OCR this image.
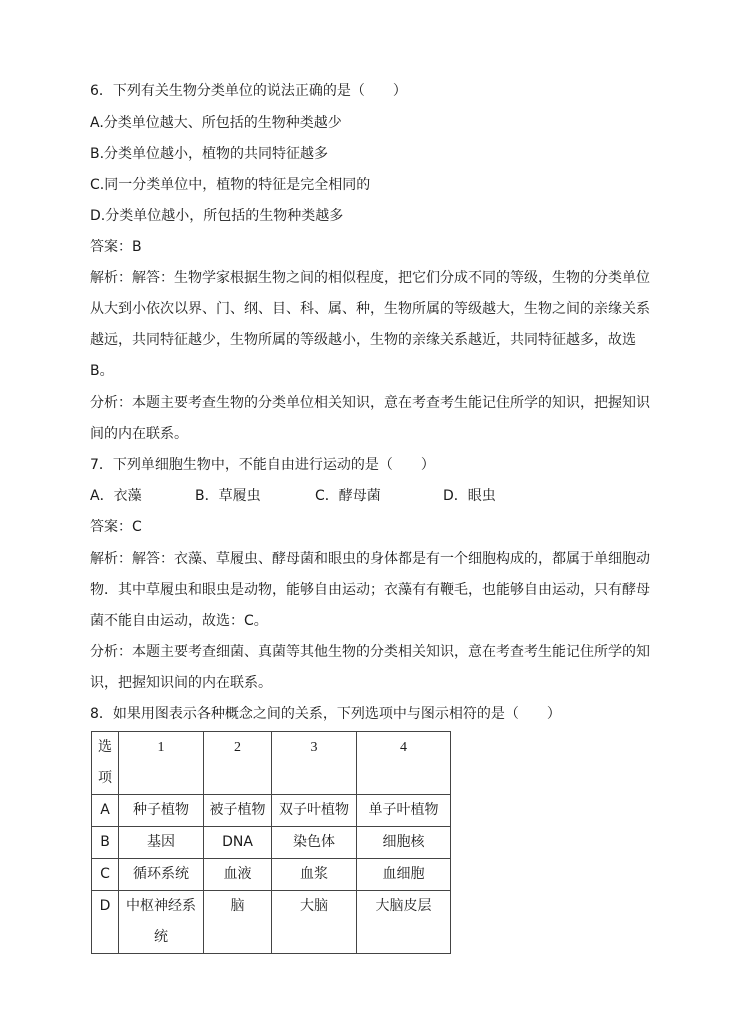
6．下列有关生物分类单位的说法正确的是（　　）
A.分类单位越大、所包括的生物种类越少
B.分类单位越小，植物的共同特征越多
C.同一分类单位中，植物的特征是完全相同的
D.分类单位越小，所包括的生物种类越多
答案：B
解析：解答：生物学家根据生物之间的相似程度，把它们分成不同的等级，生物的分类单位
从大到小依次以界、门、纲、目、科、属、种，生物所属的等级越大，生物之间的亲缘关系
越远，共同特征越少，生物所属的等级越小，生物的亲缘关系越近，共同特征越多，故选
B。
分析：本题主要考查生物的分类单位相关知识，意在考查考生能记住所学的知识，把握知识
间的内在联系。
7．下列单细胞生物中，不能自由进行运动的是（　　）
A．衣藻	B．草履虫	C．酵母菌	D．眼虫
答案：C
解析：解答：衣藻、草履虫、酵母菌和眼虫的身体都是有一个细胞构成的，都属于单细胞动
物．其中草履虫和眼虫是动物，能够自由运动；衣藻有有鞭毛，也能够自由运动，只有酵母
菌不能自由运动，故选：C。
分析：本题主要考查细菌、真菌等其他生物的分类相关知识，意在考查考生能记住所学的知
识，把握知识间的内在联系。
8．如果用图表示各种概念之间的关系，下列选项中与图示相符的是（　　）
选项	1	2	3	4
A	种子植物	被子植物	双子叶植物	单子叶植物
B	基因	DNA	染色体	细胞核
C	循环系统	血液	血浆	血细胞
D	中枢神经系统	脑	大脑	大脑皮层
